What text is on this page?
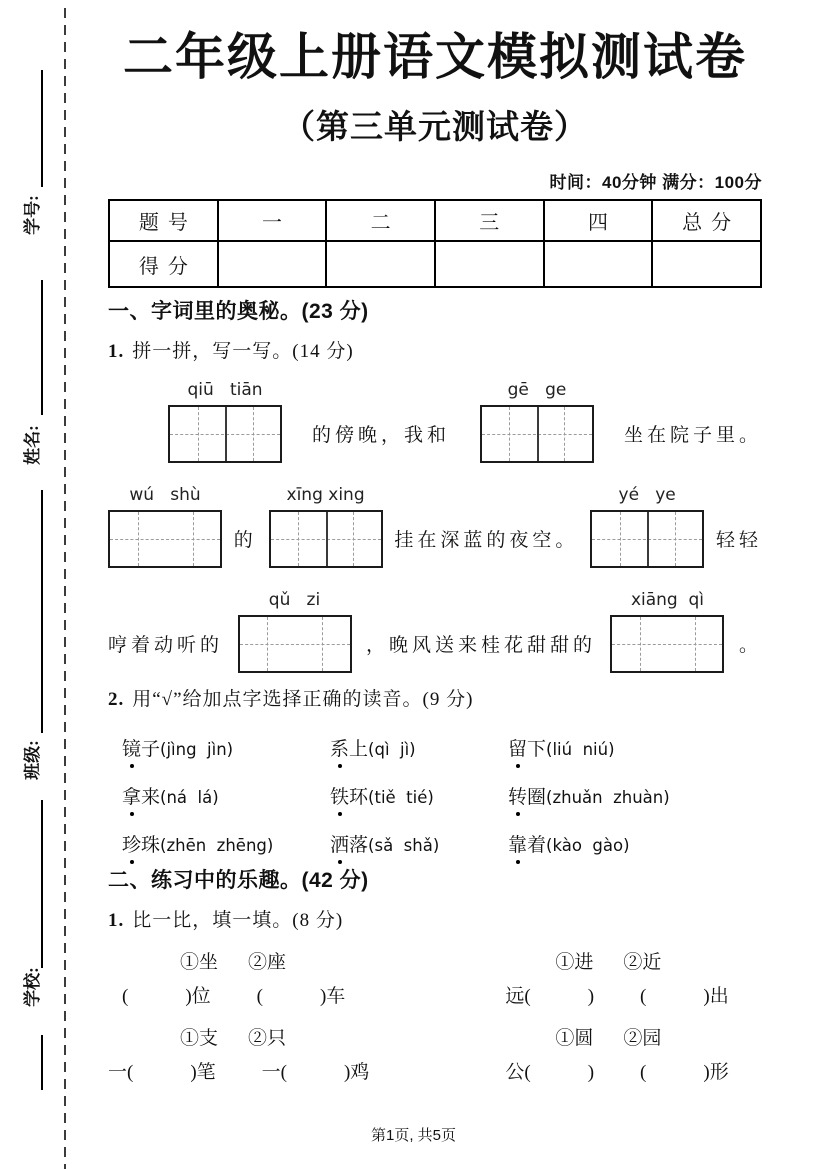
学号:
姓名:
班级:
学校:
二年级上册语文模拟测试卷
（第三单元测试卷）
时间：40分钟 满分：100分
题号	一	二	三	四	总分
得分					
一、字词里的奥秘。(23 分)
1. 拼一拼，写一写。(14 分)
qiū   tiān
的傍晚，我和
gē   ge
坐在院子里。
wú   shù
的
xīng xing
挂在深蓝的夜空。
yé   ye
轻轻
哼着动听的
qǔ   zi
，晚风送来桂花甜甜的
xiāng  qì
。
2. 用“√”给加点字选择正确的读音。(9 分)
镜子(jìng  jìn)	系上(qì  jì)	留下(liú  niú)
拿来(ná  lá)	铁环(tiě  tié)	转圈(zhuǎn  zhuàn)
珍珠(zhēn  zhēng)	洒落(sǎ  shǎ)	靠着(kào  gào)
二、练习中的乐趣。(42 分)
1. 比一比，填一填。(8 分)
①坐 ②座
(　　　)位 (　　　)车
①支 ②只
一(　　　)笔 一(　　　)鸡
①进 ②近
远(　　　) (　　　)出
①圆 ②园
公(　　　) (　　　)形
第1页, 共5页
